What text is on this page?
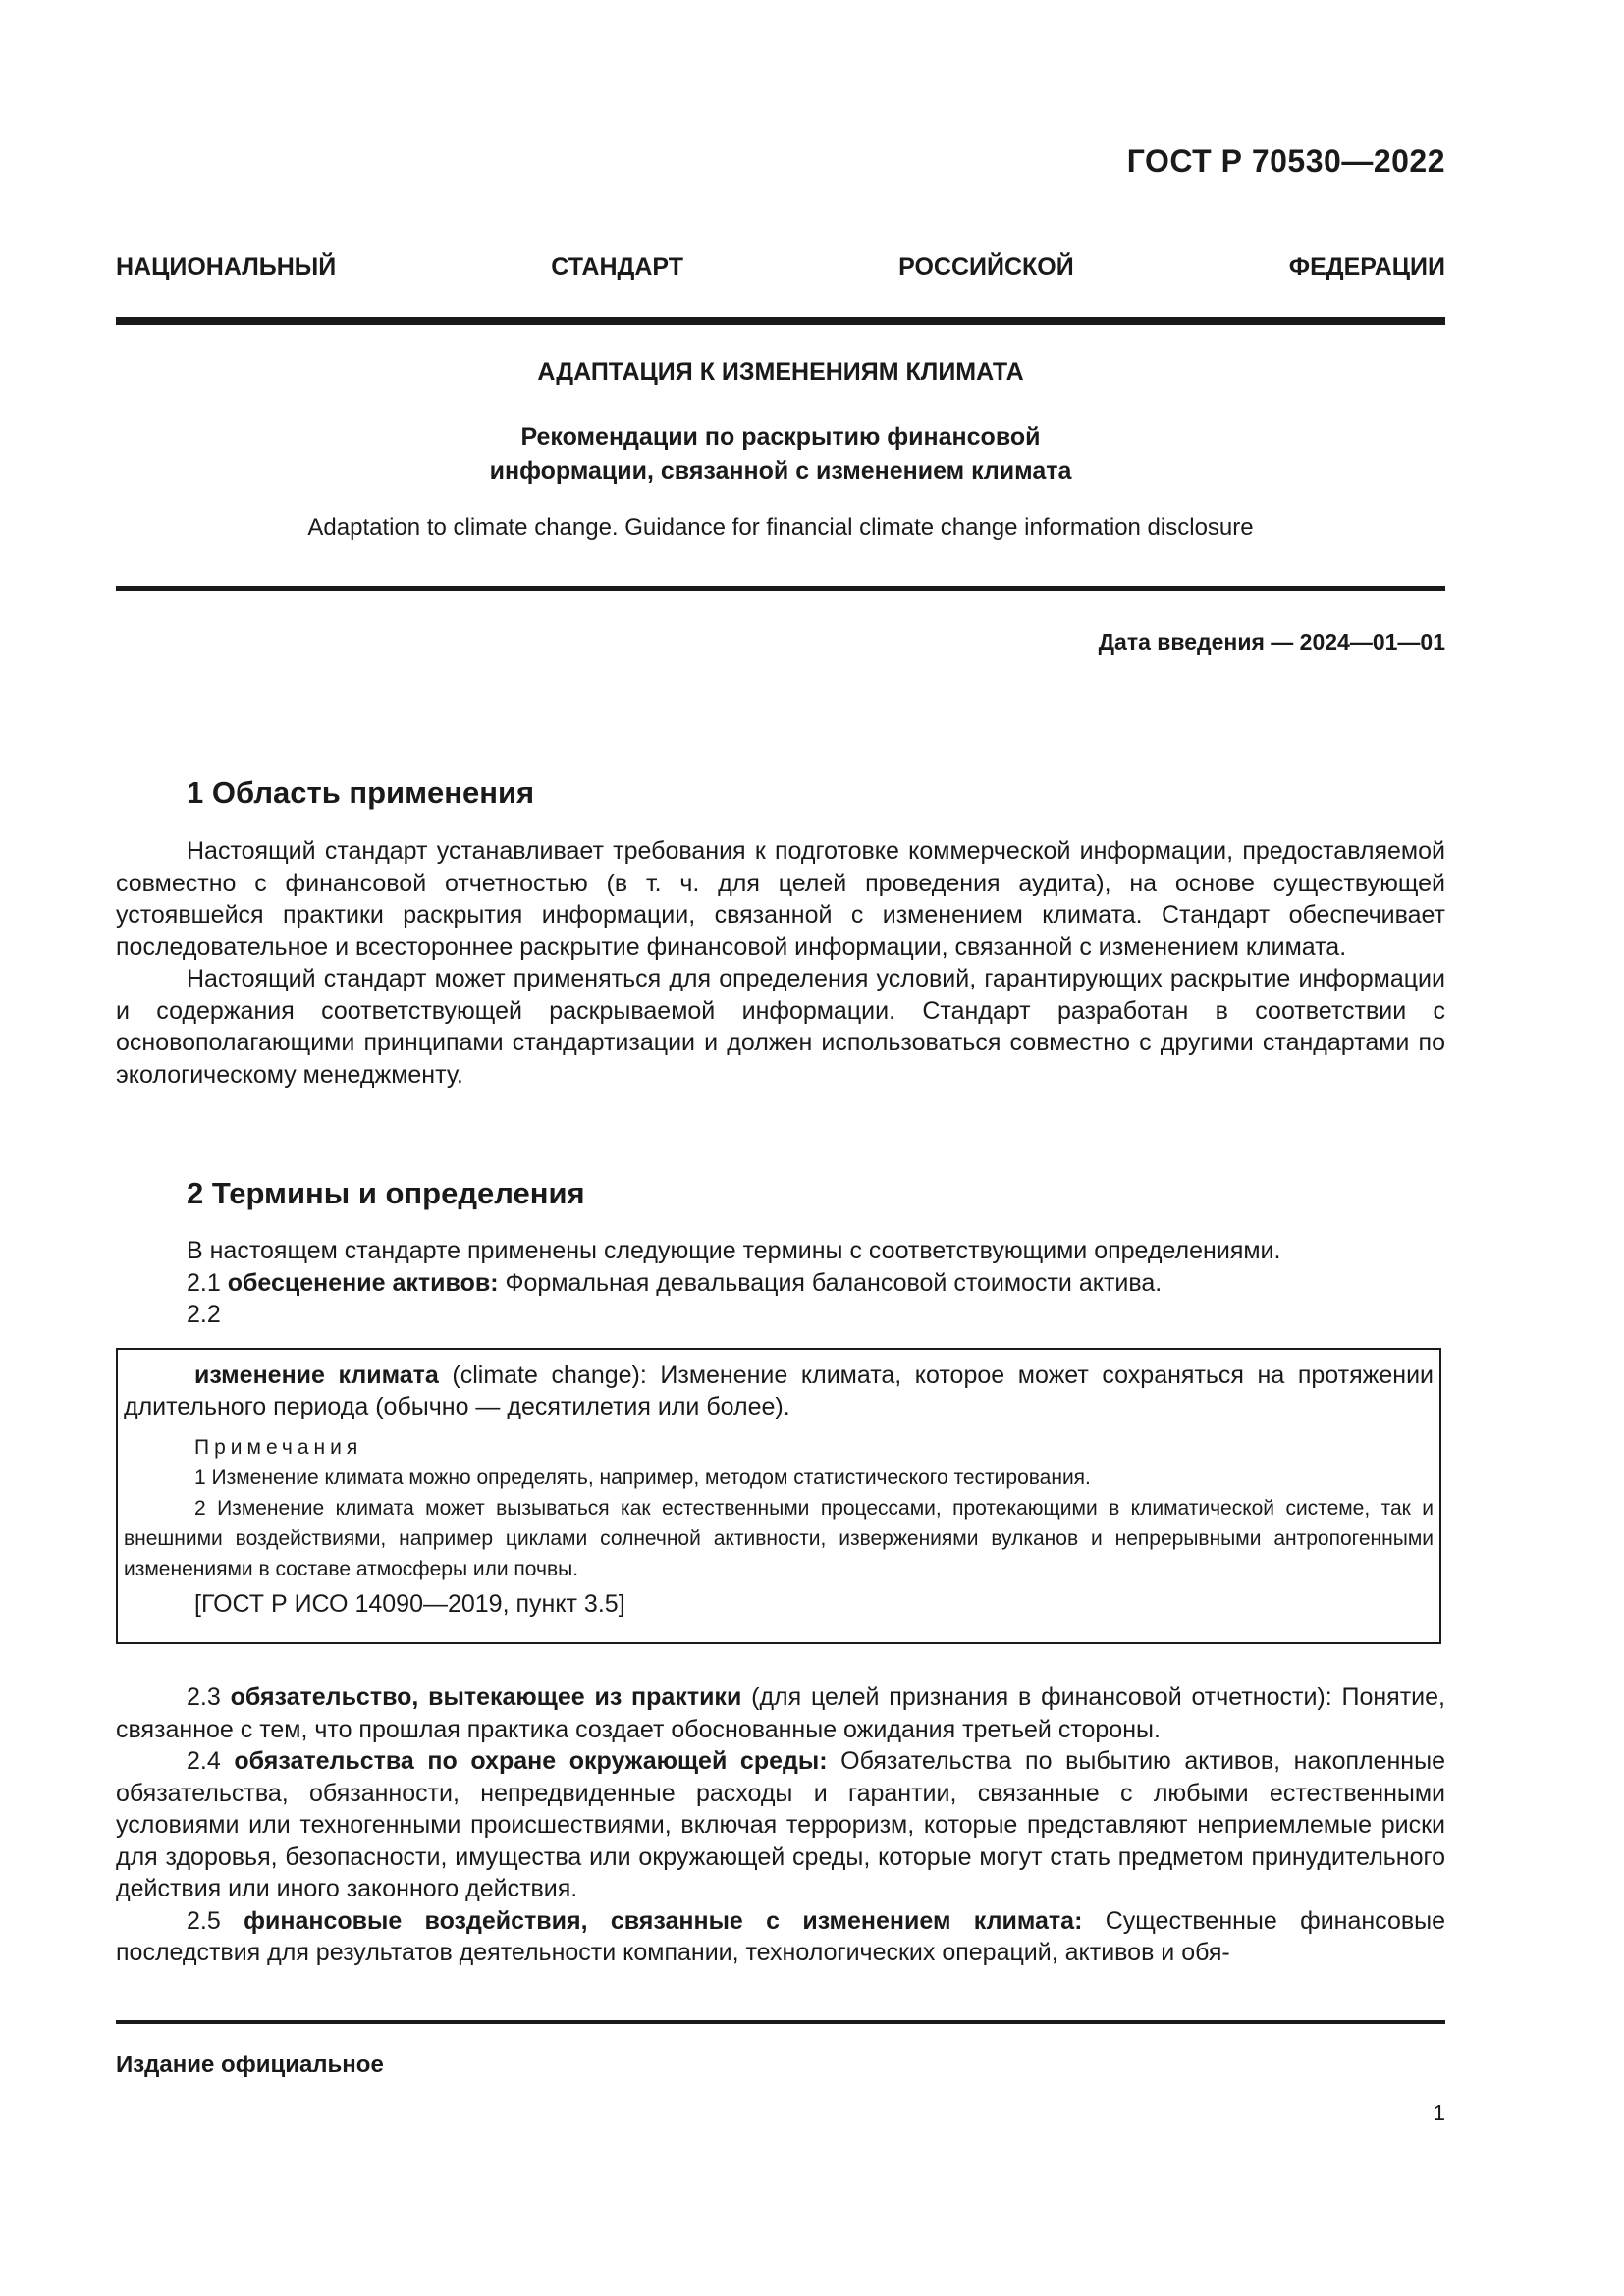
ГОСТ Р 70530—2022
НАЦИОНАЛЬНЫЙ СТАНДАРТ РОССИЙСКОЙ ФЕДЕРАЦИИ
АДАПТАЦИЯ К ИЗМЕНЕНИЯМ КЛИМАТА
Рекомендации по раскрытию финансовой
информации, связанной с изменением климата
Adaptation to climate change. Guidance for financial climate change information disclosure
Дата введения — 2024—01—01
1 Область применения

Настоящий стандарт устанавливает требования к подготовке коммерческой информации, предоставляемой совместно с финансовой отчетностью (в т. ч. для целей проведения аудита), на основе существующей устоявшейся практики раскрытия информации, связанной с изменением климата. Стандарт обеспечивает последовательное и всестороннее раскрытие финансовой информации, связанной с изменением климата.

Настоящий стандарт может применяться для определения условий, гарантирующих раскрытие информации и содержания соответствующей раскрываемой информации. Стандарт разработан в соответствии с основополагающими принципами стандартизации и должен использоваться совместно с другими стандартами по экологическому менеджменту.

2 Термины и определения

В настоящем стандарте применены следующие термины с соответствующими определениями.

2.1 обесценение активов: Формальная девальвация балансовой стоимости актива.

2.2

изменение климата (climate change): Изменение климата, которое может сохраняться на протяжении длительного периода (обычно — десятилетия или более).

Примечания

1 Изменение климата можно определять, например, методом статистического тестирования.

2 Изменение климата может вызываться как естественными процессами, протекающими в климатической системе, так и внешними воздействиями, например циклами солнечной активности, извержениями вулканов и непрерывными антропогенными изменениями в составе атмосферы или почвы.

[ГОСТ Р ИСО 14090—2019, пункт 3.5]

2.3 обязательство, вытекающее из практики (для целей признания в финансовой отчетности): Понятие, связанное с тем, что прошлая практика создает обоснованные ожидания третьей стороны.

2.4 обязательства по охране окружающей среды: Обязательства по выбытию активов, накопленные обязательства, обязанности, непредвиденные расходы и гарантии, связанные с любыми естественными условиями или техногенными происшествиями, включая терроризм, которые представляют неприемлемые риски для здоровья, безопасности, имущества или окружающей среды, которые могут стать предметом принудительного действия или иного законного действия.

2.5 финансовые воздействия, связанные с изменением климата: Существенные финансовые последствия для результатов деятельности компании, технологических операций, активов и обя-

Издание официальное
1
